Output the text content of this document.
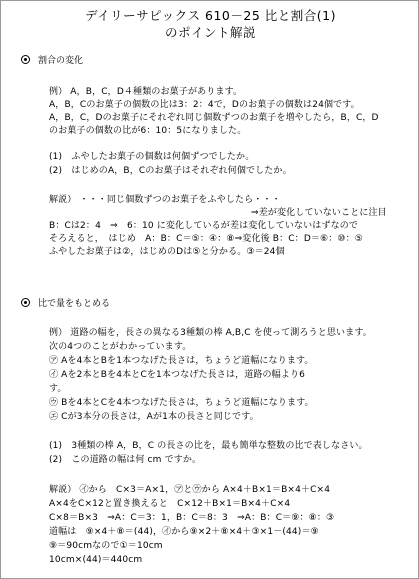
デイリーサピックス 610－25 比と割合(1)
のポイント解説
割合の変化
例） A，B，C，D４種類のお菓子があります。
A，B，Cのお菓子の個数の比は3：2：4で，Dのお菓子の個数は24個です。
A，B，C，Dのお菓子にそれぞれ同じ個数ずつのお菓子を増やしたら，B，C，D
のお菓子の個数の比が6：10：5になりました。
(1)　ふやしたお菓子の個数は何個ずつでしたか。
(2)　はじめのA，B，Cのお菓子はそれぞれ何個でしたか。
解説） ・・・同じ個数ずつのお菓子をふやしたら・・・
⇒差が変化していないことに注目
B：Cは2：4　⇒　6：10 に変化しているが差は変化していないはずなので
そろえると，　はじめ　A：B：C＝⑤：④：⑧⇒変化後 B：C：D＝⑥：⑩：⑤
ふやしたお菓子は②，はじめのDは⑤と分かる。③＝24個
比で量をもとめる
例） 道路の幅を，長さの異なる3種類の棒 A,B,C を使って測ろうと思います。
次の4つのことがわかっています。
㋐ Aを4本とBを1本つなげた長さは，ちょうど道幅になります。
㋑ Aを2本とBを4本とCを1本つなげた長さは，道路の幅より6
す。
㋒ Bを4本とCを4本つなげた長さは，ちょうど道幅になります。
㋓ Cが3本分の長さは，Aが1本の長さと同じです。
(1)　3種類の棒 A，B，C の長さの比を，最も簡単な整数の比で表しなさい。
(2)　この道路の幅は何 cm ですか。
解説） ㋑から　C×3＝A×1，㋐と㋒から A×4＋B×1＝B×4＋C×4
A×4をC×12と置き換えると　C×12＋B×1＝B×4＋C×4
C×8＝B×3　⇒A：C＝3：1，B：C＝8：3　⇒A：B：C＝⑨：⑧：③
道幅は　⑨×4＋⑧＝(44)，㋑から⑨×2＋⑧×4＋③×1－(44)＝⑨
⑨＝90cmなので①＝10cm
10cm×(44)＝440cm
